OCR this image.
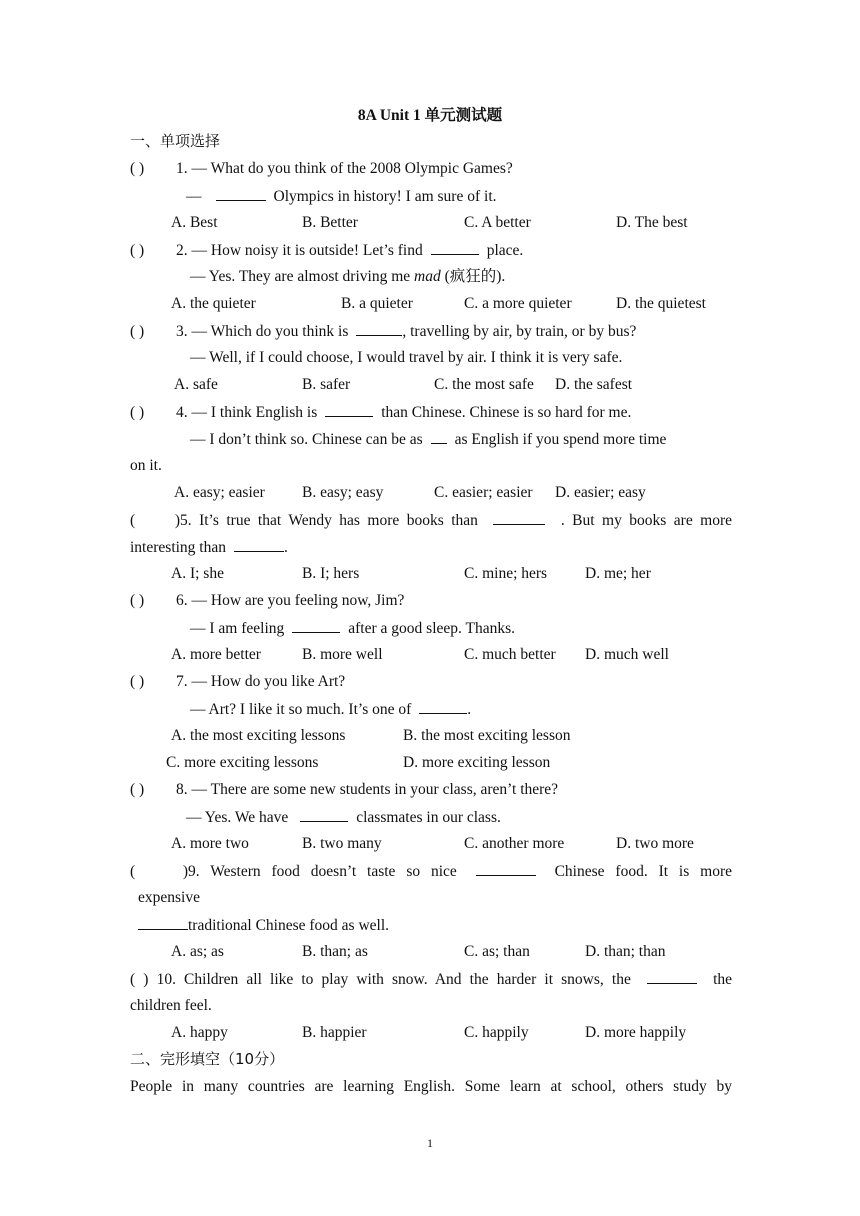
8A Unit 1 单元测试题
一、单项选择
( ) 1. — What do you think of the 2008 Olympic Games?
—	Olympics in history! I am sure of it.
A. Best	B. Better	C. A better	D. The best
( ) 2. — How noisy it is outside! Let’s find	place.
— Yes. They are almost driving me mad (疯狂的).
A. the quieter	B. a quieter	C. a more quieter	D. the quietest
( ) 3. — Which do you think is	, travelling by air, by train, or by bus?
— Well, if I could choose, I would travel by air. I think it is very safe.
A. safe	B. safer	C. the most safe D. the safest
( ) 4. — I think English is	than Chinese. Chinese is so hard for me.
— I don’t think so. Chinese can be as as English if you spend more time
on it.
A. easy; easier B. easy; easy	C. easier; easier D. easier; easy
( )5. It’s true that Wendy has more books than	. But my books are more
interesting than	.
A. I; she	B. I; hers	C. mine; hers D. me; her
( ) 6. — How are you feeling now, Jim?
— I am feeling	after a good sleep. Thanks.
A. more better	B. more well	C. much better D. much well
( ) 7. — How do you like Art?
— Art? I like it so much. It’s one of	.
A. the most exciting lessons	B. the most exciting lesson
C. more exciting lessons	D. more exciting lesson
( ) 8. — There are some new students in your class, aren’t there?
— Yes. We have	classmates in our class.
A. more two	B. two many	C. another more	D. two more
( )9. Western food doesn’t taste so nice	Chinese food. It is more
expensive
traditional Chinese food as well.
A. as; as	B. than; as	C. as; than	D. than; than
( ) 10. Children all like to play with snow. And the harder it snows, the	the
children feel.
A. happy	B. happier	C. happily	D. more happily
二、完形填空（10分）
People in many countries are learning English. Some learn at school, others study by
1
